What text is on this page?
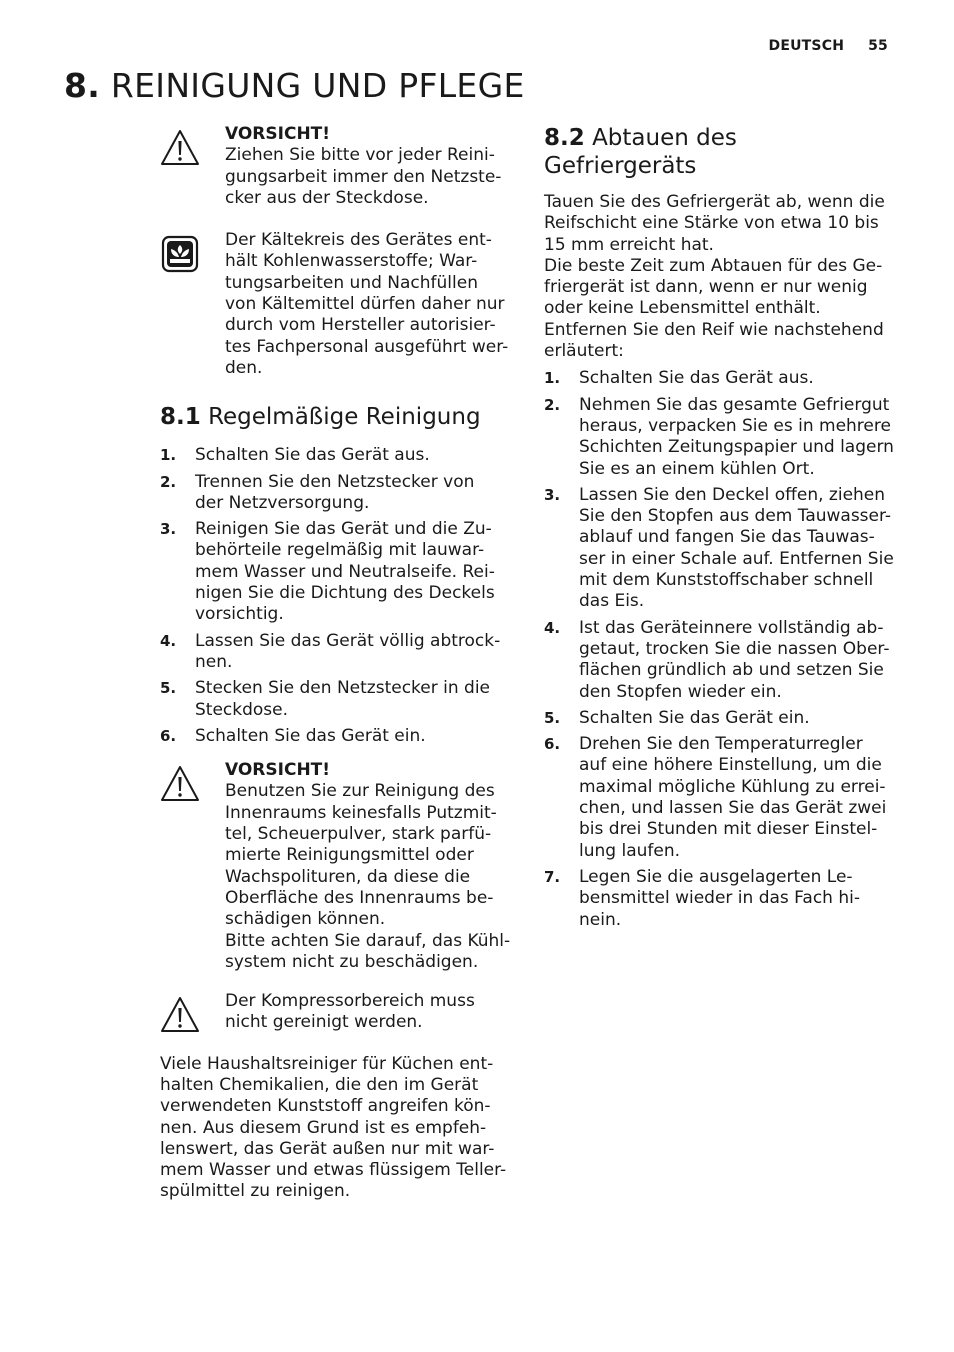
DEUTSCH 55
8. REINIGUNG UND PFLEGE

VORSICHT!

Ziehen Sie bitte vor jeder Reini-
gungsarbeit immer den Netzste-
cker aus der Steckdose.

Der Kältekreis des Gerätes ent-
hält Kohlenwasserstoffe; War-
tungsarbeiten und Nachfüllen
von Kältemittel dürfen daher nur
durch vom Hersteller autorisier-
tes Fachpersonal ausgeführt wer-
den.

8.1 Regelmäßige Reinigung
1. Schalten Sie das Gerät aus.
2. Trennen Sie den Netzstecker von
der Netzversorgung.
3. Reinigen Sie das Gerät und die Zu-
behörteile regelmäßig mit lauwar-
mem Wasser und Neutralseife. Rei-
nigen Sie die Dichtung des Deckels
vorsichtig.
4. Lassen Sie das Gerät völlig abtrock-
nen.
5. Stecken Sie den Netzstecker in die
Steckdose.
6. Schalten Sie das Gerät ein.

VORSICHT!

Benutzen Sie zur Reinigung des
Innenraums keinesfalls Putzmit-
tel, Scheuerpulver, stark parfü-
mierte Reinigungsmittel oder
Wachspolituren, da diese die
Oberfläche des Innenraums be-
schädigen können.
Bitte achten Sie darauf, das Kühl-
system nicht zu beschädigen.

Der Kompressorbereich muss
nicht gereinigt werden.

Viele Haushaltsreiniger für Küchen ent-
halten Chemikalien, die den im Gerät
verwendeten Kunststoff angreifen kön-
nen. Aus diesem Grund ist es empfeh-
lenswert, das Gerät außen nur mit war-
mem Wasser und etwas flüssigem Teller-
spülmittel zu reinigen.

8.2 Abtauen des Gefriergeräts

Tauen Sie des Gefriergerät ab, wenn die
Reifschicht eine Stärke von etwa 10 bis
15 mm erreicht hat.
Die beste Zeit zum Abtauen für des Ge-
friergerät ist dann, wenn er nur wenig
oder keine Lebensmittel enthält.
Entfernen Sie den Reif wie nachstehend
erläutert:

1. Schalten Sie das Gerät aus.
2. Nehmen Sie das gesamte Gefriergut
heraus, verpacken Sie es in mehrere
Schichten Zeitungspapier und lagern
Sie es an einem kühlen Ort.
3. Lassen Sie den Deckel offen, ziehen
Sie den Stopfen aus dem Tauwasser-
ablauf und fangen Sie das Tauwas-
ser in einer Schale auf. Entfernen Sie
mit dem Kunststoffschaber schnell
das Eis.
4. Ist das Geräteinnere vollständig ab-
getaut, trocken Sie die nassen Ober-
flächen gründlich ab und setzen Sie
den Stopfen wieder ein.
5. Schalten Sie das Gerät ein.
6. Drehen Sie den Temperaturregler
auf eine höhere Einstellung, um die
maximal mögliche Kühlung zu errei-
chen, und lassen Sie das Gerät zwei
bis drei Stunden mit dieser Einstel-
lung laufen.
7. Legen Sie die ausgelagerten Le-
bensmittel wieder in das Fach hi-
nein.
